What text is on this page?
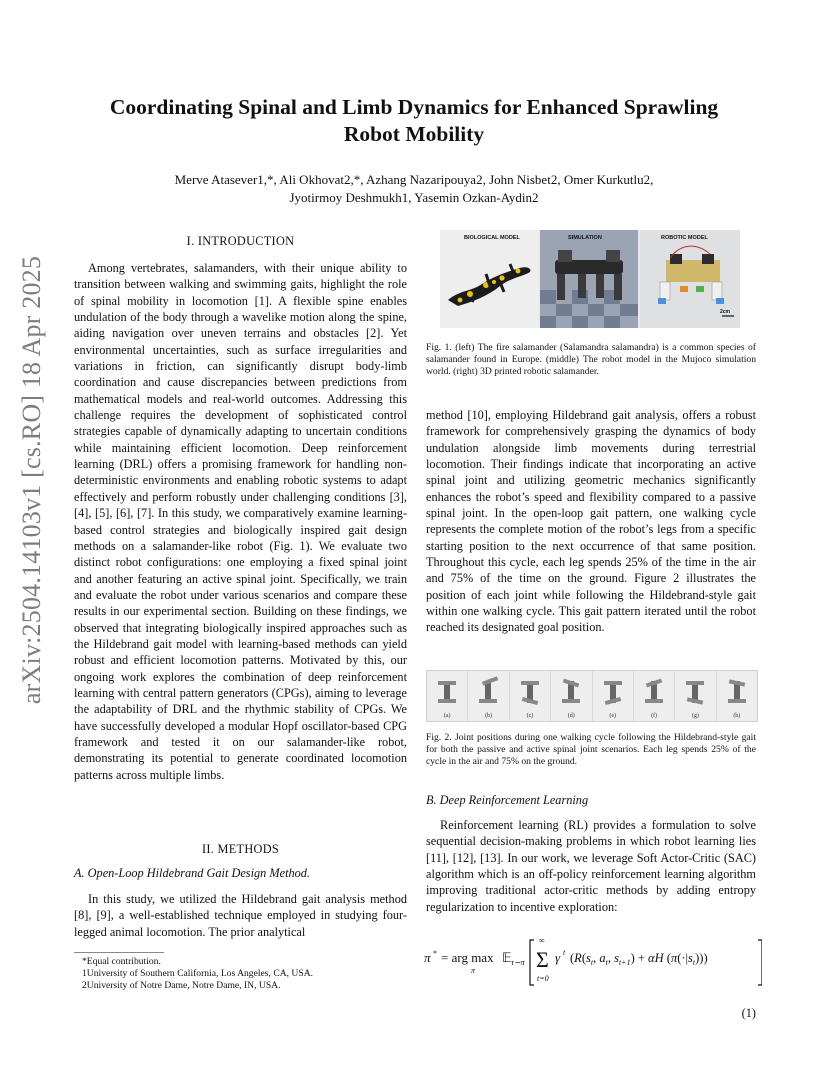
arXiv:2504.14103v1 [cs.RO] 18 Apr 2025
Coordinating Spinal and Limb Dynamics for Enhanced Sprawling
Robot Mobility
Merve Atasever1,*, Ali Okhovat2,*, Azhang Nazaripouya2, John Nisbet2, Omer Kurkutlu2,
Jyotirmoy Deshmukh1, Yasemin Ozkan-Aydin2
I. INTRODUCTION
Among vertebrates, salamanders, with their unique ability to transition between walking and swimming gaits, highlight the role of spinal mobility in locomotion [1]. A flexible spine enables undulation of the body through a wavelike motion along the spine, aiding navigation over uneven terrains and obstacles [2]. Yet environmental uncertainties, such as surface irregularities and variations in friction, can significantly disrupt body-limb coordination and cause discrepancies between predictions from mathematical models and real-world outcomes. Addressing this challenge requires the development of sophisticated control strategies capable of dynamically adapting to uncertain conditions while maintaining efficient locomotion. Deep reinforcement learning (DRL) offers a promising framework for handling non-deterministic environments and enabling robotic systems to adapt effectively and perform robustly under challenging conditions [3], [4], [5], [6], [7]. In this study, we comparatively examine learning-based control strategies and biologically inspired gait design methods on a salamander-like robot (Fig. 1). We evaluate two distinct robot configurations: one employing a fixed spinal joint and another featuring an active spinal joint. Specifically, we train and evaluate the robot under various scenarios and compare these results in our experimental section. Building on these findings, we observed that integrating biologically inspired approaches such as the Hildebrand gait model with learning-based methods can yield robust and efficient locomotion patterns. Motivated by this, our ongoing work explores the combination of deep reinforcement learning with central pattern generators (CPGs), aiming to leverage the adaptability of DRL and the rhythmic stability of CPGs. We have successfully developed a modular Hopf oscillator-based CPG framework and tested it on our salamander-like robot, demonstrating its potential to generate coordinated locomotion patterns across multiple limbs.
II. METHODS
A. Open-Loop Hildebrand Gait Design Method.
In this study, we utilized the Hildebrand gait analysis method [8], [9], a well-established technique employed in studying four-legged animal locomotion. The prior analytical
*Equal contribution.
1University of Southern California, Los Angeles, CA, USA.
2University of Notre Dame, Notre Dame, IN, USA.
BIOLOGICAL MODEL	SIMULATION	ROBOTIC MODEL
2cm
Fig. 1. (left) The fire salamander (Salamandra salamandra) is a common species of salamander found in Europe. (middle) The robot model in the Mujoco simulation world. (right) 3D printed robotic salamander.
method [10], employing Hildebrand gait analysis, offers a robust framework for comprehensively grasping the dynamics of body undulation alongside limb movements during terrestrial locomotion. Their findings indicate that incorporating an active spinal joint and utilizing geometric mechanics significantly enhances the robot’s speed and flexibility compared to a passive spinal joint. In the open-loop gait pattern, one walking cycle represents the complete motion of the robot’s legs from a specific starting position to the next occurrence of that same position. Throughout this cycle, each leg spends 25% of the time in the air and 75% of the time on the ground. Figure 2 illustrates the position of each joint while following the Hildebrand-style gait within one walking cycle. This gait pattern iterated until the robot reached its designated goal position.
(a)	(b)	(c)	(d)	(e)	(f)	(g)	(h)
Fig. 2. Joint positions during one walking cycle following the Hildebrand-style gait for both the passive and active spinal joint scenarios. Each leg spends 25% of the cycle in the air and 75% on the ground.
B. Deep Reinforcement Learning
Reinforcement learning (RL) provides a formulation to solve sequential decision-making problems in which robot learning lies [11], [12], [13]. In our work, we leverage Soft Actor-Critic (SAC) algorithm which is an off-policy reinforcement learning algorithm improving traditional actor-critic methods by adding entropy regularization to incentive exploration:
π * = arg max
π
𝔼 τ∼π
∞
Σ
t=0
γ t ($R(s_t$, $a_t$, $s_{t+1}) + \alpha H$ $(\pi(\cdot|s_t))$)
(1)
